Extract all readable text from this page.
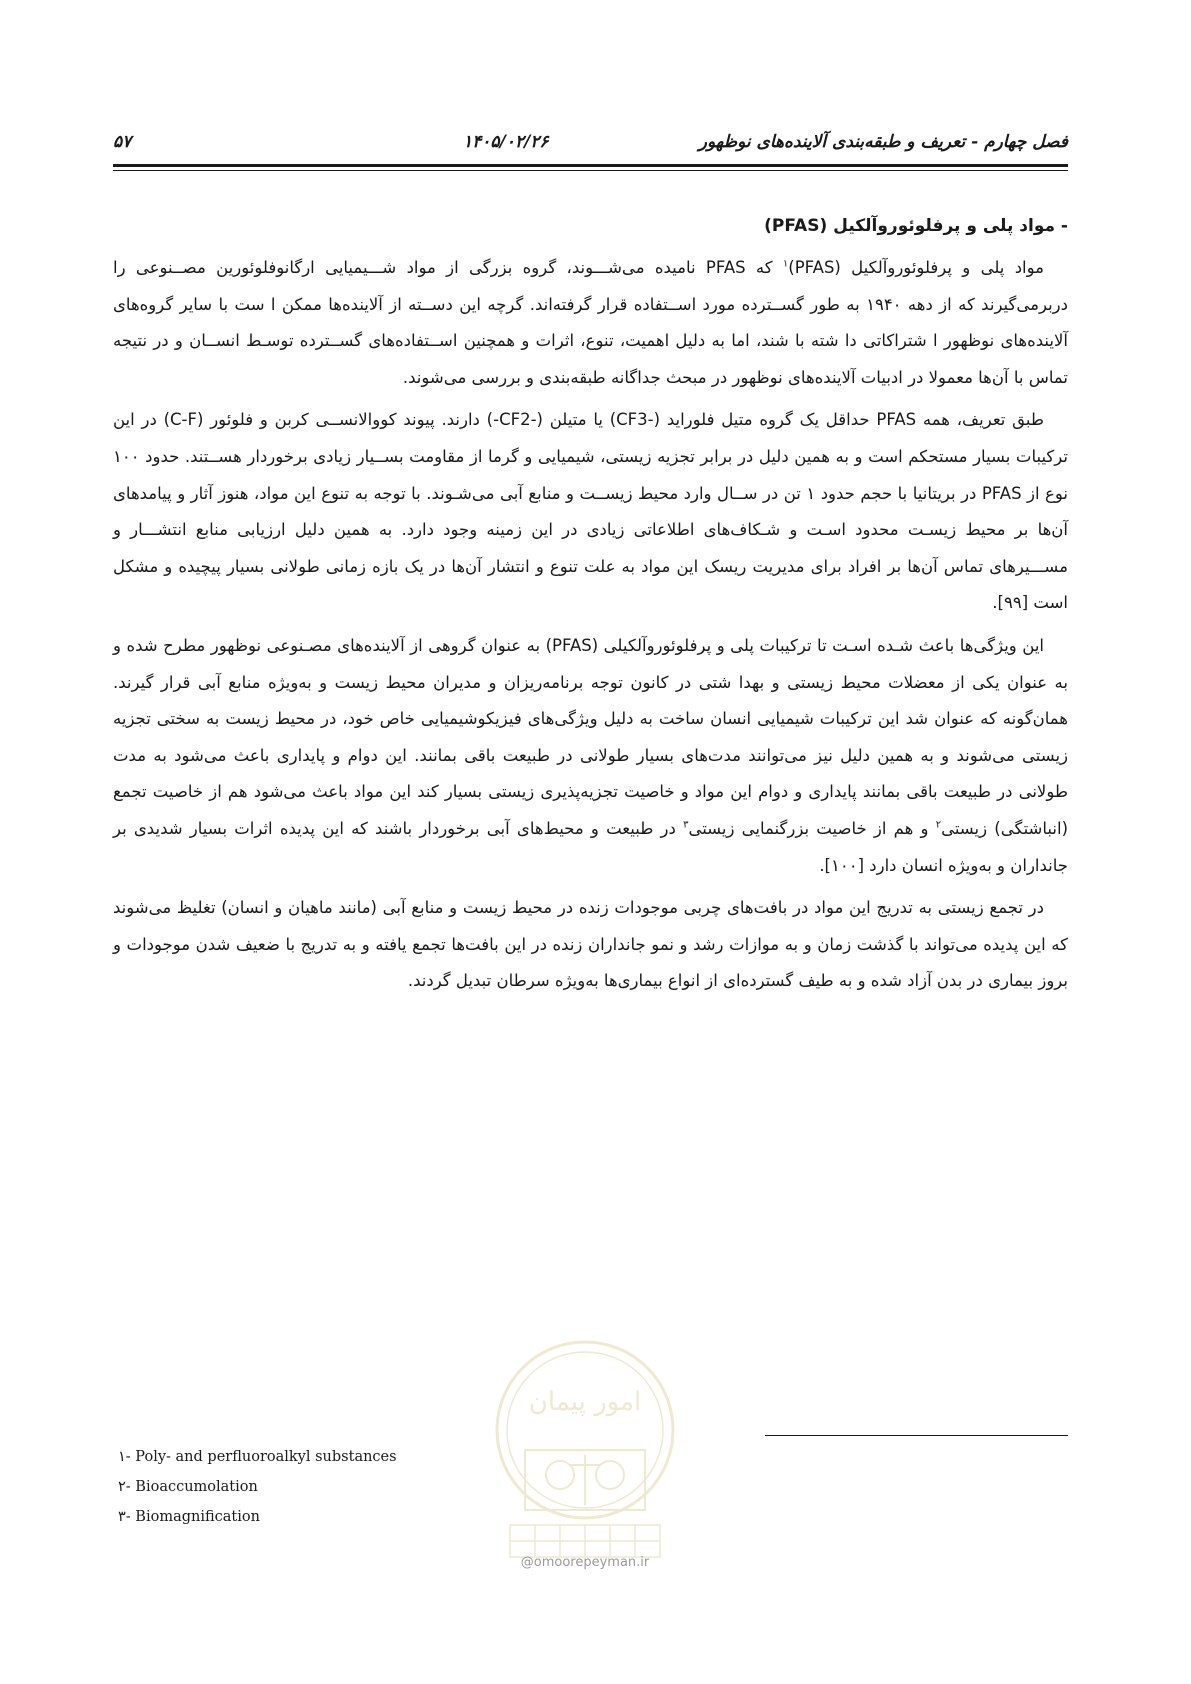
فصل چهارم - تعریف و طبقه‌بندی آلاینده‌های نوظهور
۱۴۰۵/۰۲/۲۶
۵۷
- مواد پلی و پرفلوئوروآلکیل (PFAS)

مواد پلی و پرفلوئوروآلکیل (PFAS)$^۱$ که PFAS نامیده می‌شـــوند، گروه بزرگی از مواد شـــیمیایی ارگانوفلوئورین مصــنوعی را دربرمی‌گیرند که از دهه ۱۹۴۰ به طور گســترده مورد اســتفاده قرار گرفته‌اند. گرچه این دســته از آلاینده‌ها ممکن ا ست با سایر گروه‌های آلاینده‌های نوظهور ا شتراکاتی دا شته با شند، اما به دلیل اهمیت، تنوع، اثرات و همچنین اســتفاده‌های گســترده توسـط انســان و در نتیجه تماس با آن‌ها معمولا در ادبیات آلاینده‌های نوظهور در مبحث جداگانه طبقه‌بندی و بررسی می‌شوند.

طبق تعریف، همه PFAS حداقل یک گروه متیل فلوراید (-CF3) یا متیلن (-CF2-) دارند. پیوند کووالانســی کربن و فلوئور (C-F) در این ترکیبات بسیار مستحکم است و به همین دلیل در برابر تجزیه زیستی، شیمیایی و گرما از مقاومت بســیار زیادی برخوردار هســتند. حدود ۱۰۰ نوع از PFAS در بریتانیا با حجم حدود ۱ تن در ســال وارد محیط زیســت و منابع آبی می‌شـوند. با توجه به تنوع این مواد، هنوز آثار و پیامدهای آن‌ها بر محیط زیسـت محدود اسـت و شـکاف‌های اطلاعاتی زیادی در این زمینه وجود دارد. به همین دلیل ارزیابی منابع انتشـــار و مســـیرهای تماس آن‌ها بر افراد برای مدیریت ریسک این مواد به علت تنوع و انتشار آن‌ها در یک بازه زمانی طولانی بسیار پیچیده و مشکل است [۹۹].

این ویژگی‌ها باعث شـده اسـت تا ترکیبات پلی و پرفلوئوروآلکیلی (PFAS) به عنوان گروهی از آلاینده‌های مصـنوعی نوظهور مطرح شده و به عنوان یکی از معضلات محیط زیستی و بهدا شتی در کانون توجه برنامه‌ریزان و مدیران محیط زیست و به‌ویژه منابع آبی قرار گیرند. همان‌گونه که عنوان شد این ترکیبات شیمیایی انسان ساخت به دلیل ویژگی‌های فیزیکوشیمیایی خاص خود، در محیط زیست به سختی تجزیه زیستی می‌شوند و به همین دلیل نیز می‌توانند مدت‌های بسیار طولانی در طبیعت باقی بمانند. این دوام و پایداری باعث می‌شود به مدت طولانی در طبیعت باقی بمانند پایداری و دوام این مواد و خاصیت تجزیه‌پذیری زیستی بسیار کند این مواد باعث می‌شود هم از خاصیت تجمع (انباشتگی) زیستی$^۲$ و هم از خاصیت بزرگنمایی زیستی$^۳$ در طبیعت و محیط‌های آبی برخوردار باشند که این پدیده اثرات بسیار شدیدی بر جانداران و به‌ویژه انسان دارد [۱۰۰].

در تجمع زیستی به تدریج این مواد در بافت‌های چربی موجودات زنده در محیط زیست و منابع آبی (مانند ماهیان و انسان) تغلیظ می‌شوند که این پدیده می‌تواند با گذشت زمان و به موازات رشد و نمو جانداران زنده در این بافت‌ها تجمع یافته و به تدریج با ضعیف شدن موجودات و بروز بیماری در بدن آزاد شده و به طیف گسترده‌ای از انواع بیماری‌ها به‌ویژه سرطان تبدیل گردند.

امور پیمان
@omoorepeyman.ir
۱- Poly- and perfluoroalkyl substances
۲- Bioaccumolation
۳- Biomagnification
